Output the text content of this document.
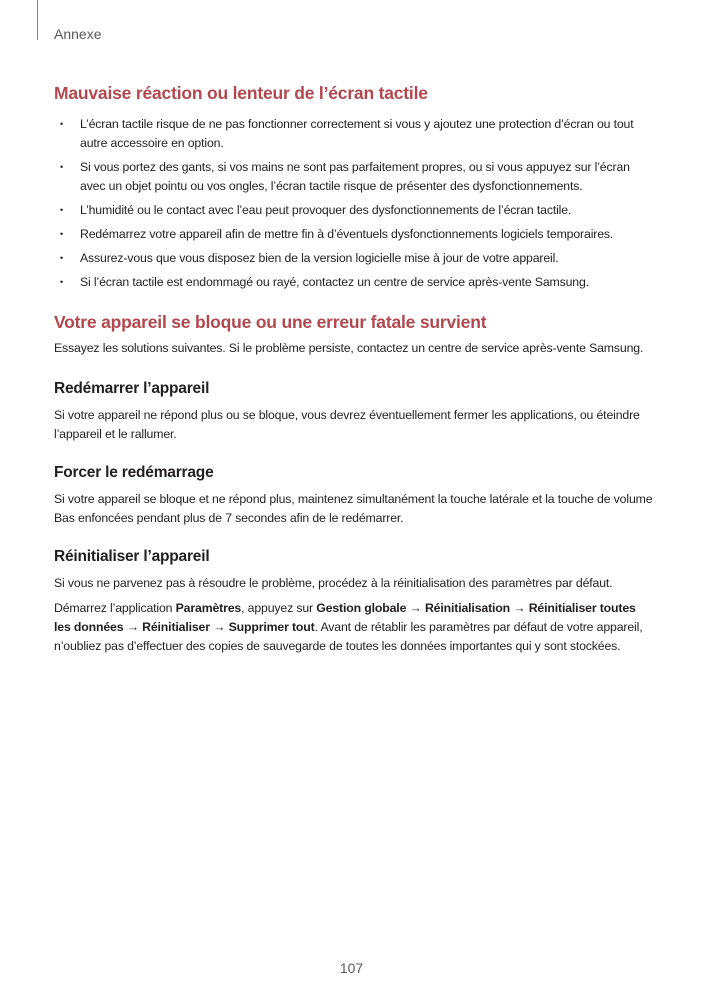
Annexe
Mauvaise réaction ou lenteur de l’écran tactile
• L’écran tactile risque de ne pas fonctionner correctement si vous y ajoutez une protection d’écran ou tout autre accessoire en option.
• Si vous portez des gants, si vos mains ne sont pas parfaitement propres, ou si vous appuyez sur l’écran avec un objet pointu ou vos ongles, l’écran tactile risque de présenter des dysfonctionnements.
• L’humidité ou le contact avec l’eau peut provoquer des dysfonctionnements de l’écran tactile.
• Redémarrez votre appareil afin de mettre fin à d’éventuels dysfonctionnements logiciels temporaires.
• Assurez-vous que vous disposez bien de la version logicielle mise à jour de votre appareil.
• Si l’écran tactile est endommagé ou rayé, contactez un centre de service après-vente Samsung.
Votre appareil se bloque ou une erreur fatale survient

Essayez les solutions suivantes. Si le problème persiste, contactez un centre de service après-vente Samsung.

Redémarrer l’appareil

Si votre appareil ne répond plus ou se bloque, vous devrez éventuellement fermer les applications, ou éteindre l’appareil et le rallumer.

Forcer le redémarrage

Si votre appareil se bloque et ne répond plus, maintenez simultanément la touche latérale et la touche de volume Bas enfoncées pendant plus de 7 secondes afin de le redémarrer.

Réinitialiser l’appareil

Si vous ne parvenez pas à résoudre le problème, procédez à la réinitialisation des paramètres par défaut.

Démarrez l’application Paramètres, appuyez sur Gestion globale → Réinitialisation → Réinitialiser toutes les données → Réinitialiser → Supprimer tout. Avant de rétablir les paramètres par défaut de votre appareil, n’oubliez pas d’effectuer des copies de sauvegarde de toutes les données importantes qui y sont stockées.

107
